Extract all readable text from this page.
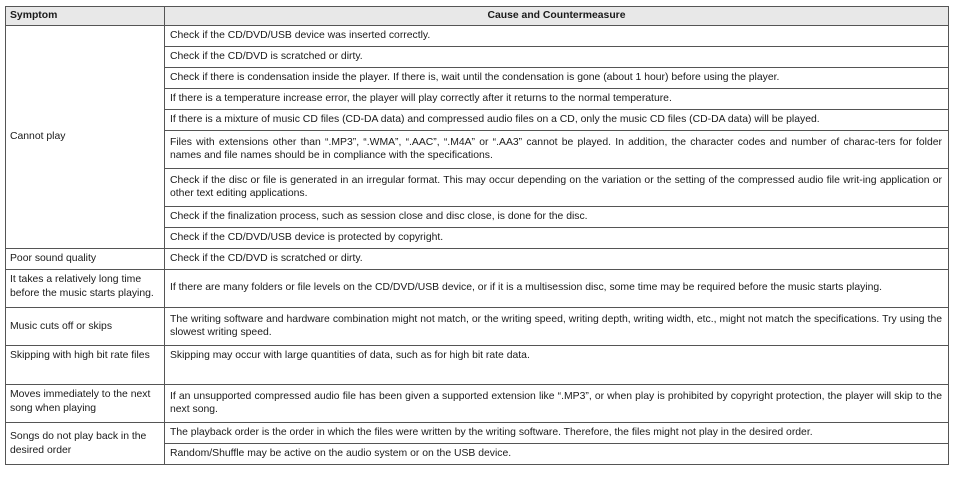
Symptom	Cause and Countermeasure
Cannot play	Check if the CD/DVD/USB device was inserted correctly.
	Check if the CD/DVD is scratched or dirty.
	Check if there is condensation inside the player. If there is, wait until the condensation is gone (about 1 hour) before using the player.
	If there is a temperature increase error, the player will play correctly after it returns to the normal temperature.
	If there is a mixture of music CD files (CD-DA data) and compressed audio files on a CD, only the music CD files (CD-DA data) will be played.
	Files with extensions other than “.MP3”, “.WMA”, “.AAC”, “.M4A” or “.AA3” cannot be played. In addition, the character codes and number of charac-ters for folder names and file names should be in compliance with the specifications.
	Check if the disc or file is generated in an irregular format. This may occur depending on the variation or the setting of the compressed audio file writ-ing application or other text editing applications.
	Check if the finalization process, such as session close and disc close, is done for the disc.
	Check if the CD/DVD/USB device is protected by copyright.
Poor sound quality	Check if the CD/DVD is scratched or dirty.
It takes a relatively long time before the music starts playing.	If there are many folders or file levels on the CD/DVD/USB device, or if it is a multisession disc, some time may be required before the music starts playing.
Music cuts off or skips	The writing software and hardware combination might not match, or the writing speed, writing depth, writing width, etc., might not match the specifications. Try using the slowest writing speed.
Skipping with high bit rate files	Skipping may occur with large quantities of data, such as for high bit rate data.
Moves immediately to the next song when playing	If an unsupported compressed audio file has been given a supported extension like “.MP3”, or when play is prohibited by copyright protection, the player will skip to the next song.
Songs do not play back in the desired order	The playback order is the order in which the files were written by the writing software. Therefore, the files might not play in the desired order.
	Random/Shuffle may be active on the audio system or on the USB device.
